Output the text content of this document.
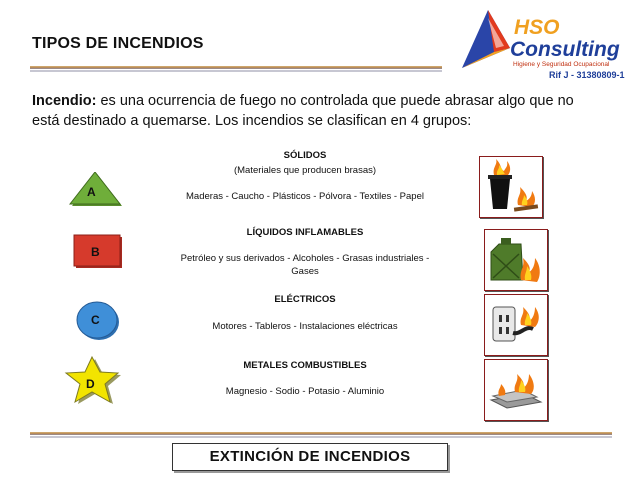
TIPOS DE INCENDIOS
HSO
Consulting
Higiene y Seguridad Ocupacional
Rif J - 31380809-1
Incendio: es una ocurrencia de fuego no controlada que puede abrasar algo que no está destinado a quemarse. Los incendios se clasifican en 4 grupos:
A
SÓLIDOS
(Materiales que producen brasas)
Maderas - Caucho - Plásticos - Pólvora - Textiles - Papel
B
LÍQUIDOS INFLAMABLES
Petróleo y sus derivados - Alcoholes - Grasas industriales -
Gases
C
ELÉCTRICOS
Motores - Tableros - Instalaciones eléctricas
D
METALES COMBUSTIBLES
Magnesio - Sodio - Potasio - Aluminio
EXTINCIÓN DE INCENDIOS
